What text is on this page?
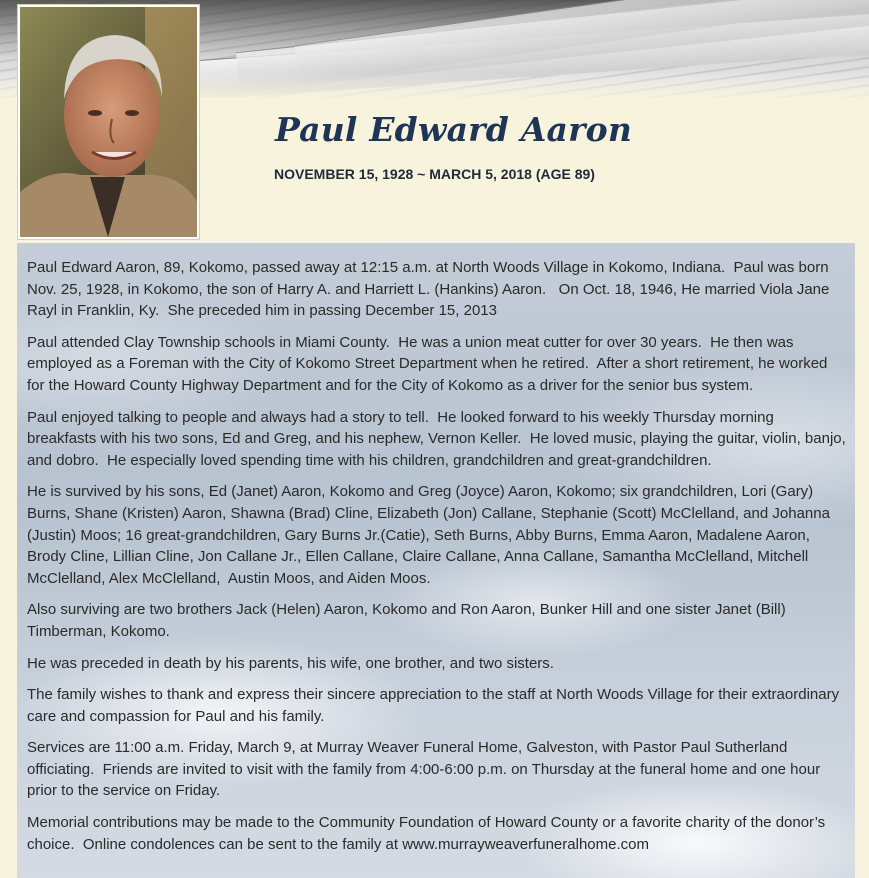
Paul Edward Aaron
NOVEMBER 15, 1928 ~ MARCH 5, 2018 (AGE 89)

Paul Edward Aaron, 89, Kokomo, passed away at 12:15 a.m. at North Woods Village in Kokomo, Indiana.  Paul was born Nov. 25, 1928, in Kokomo, the son of Harry A. and Harriett L. (Hankins) Aaron.   On Oct. 18, 1946, He married Viola Jane Rayl in Franklin, Ky.  She preceded him in passing December 15, 2013

Paul attended Clay Township schools in Miami County.  He was a union meat cutter for over 30 years.  He then was employed as a Foreman with the City of Kokomo Street Department when he retired.  After a short retirement, he worked for the Howard County Highway Department and for the City of Kokomo as a driver for the senior bus system.

Paul enjoyed talking to people and always had a story to tell.  He looked forward to his weekly Thursday morning breakfasts with his two sons, Ed and Greg, and his nephew, Vernon Keller.  He loved music, playing the guitar, violin, banjo, and dobro.  He especially loved spending time with his children, grandchildren and great-grandchildren.

He is survived by his sons, Ed (Janet) Aaron, Kokomo and Greg (Joyce) Aaron, Kokomo; six grandchildren, Lori (Gary) Burns, Shane (Kristen) Aaron, Shawna (Brad) Cline, Elizabeth (Jon) Callane, Stephanie (Scott) McClelland, and Johanna (Justin) Moos; 16 great-grandchildren, Gary Burns Jr.(Catie), Seth Burns, Abby Burns, Emma Aaron, Madalene Aaron, Brody Cline, Lillian Cline, Jon Callane Jr., Ellen Callane, Claire Callane, Anna Callane, Samantha McClelland, Mitchell McClelland, Alex McClelland,  Austin Moos, and Aiden Moos.

Also surviving are two brothers Jack (Helen) Aaron, Kokomo and Ron Aaron, Bunker Hill and one sister Janet (Bill) Timberman, Kokomo.

He was preceded in death by his parents, his wife, one brother, and two sisters.

The family wishes to thank and express their sincere appreciation to the staff at North Woods Village for their extraordinary care and compassion for Paul and his family.

Services are 11:00 a.m. Friday, March 9, at Murray Weaver Funeral Home, Galveston, with Pastor Paul Sutherland officiating.  Friends are invited to visit with the family from 4:00-6:00 p.m. on Thursday at the funeral home and one hour prior to the service on Friday.

Memorial contributions may be made to the Community Foundation of Howard County or a favorite charity of the donor’s choice.  Online condolences can be sent to the family at www.murrayweaverfuneralhome.com
